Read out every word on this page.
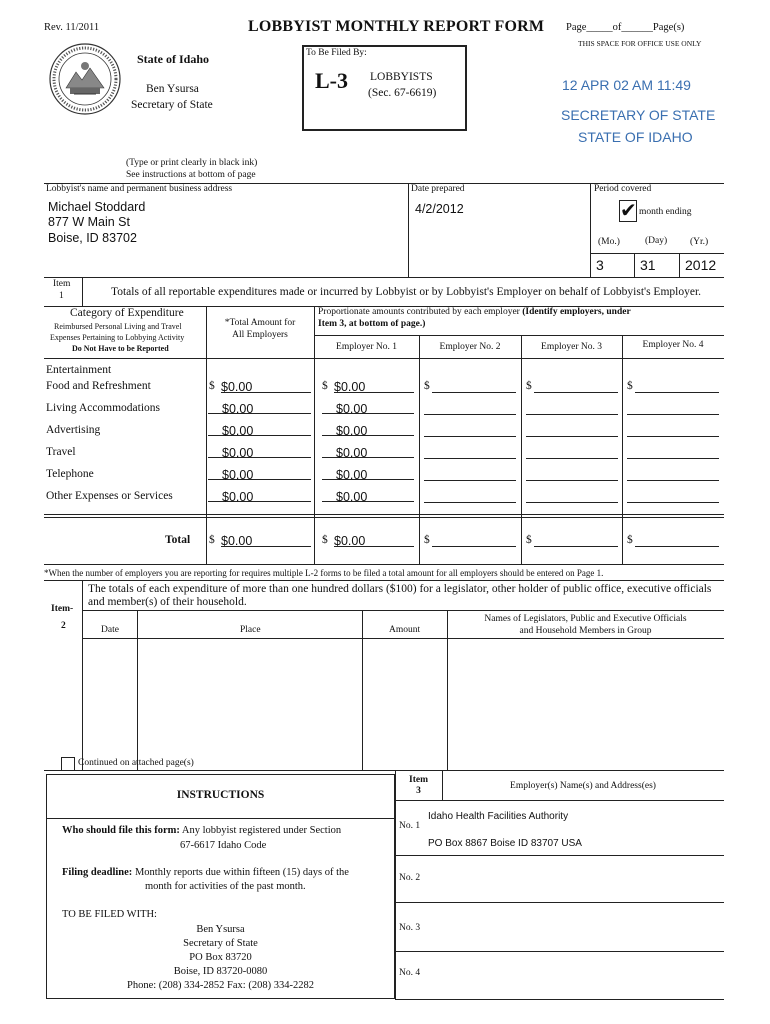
Rev. 11/2011	LOBBYIST MONTHLY REPORT FORM Page_____of______Page(s)
THIS SPACE FOR OFFICE USE ONLY
State of Idaho
Ben Ysursa
Secretary of State
To Be Filed By:
L-3 LOBBYISTS
(Sec. 67-6619)	12 APR 02 AM 11:49
SECRETARY OF STATE
STATE OF IDAHO
(Type or print clearly in black ink)
See instructions at bottom of page
Lobbyist's name and permanent business address	Date prepared	Period covered
Michael Stoddard
877 W Main St
Boise, ID 83702
4/2/2012	✔ month ending
(Mo.)	(Day) (Yr.)
3	31 2012
Item
1	Totals of all reportable expenditures made or incurred by Lobbyist or by Lobbyist's Employer on behalf of Lobbyist's Employer.
Category of Expenditure
Reimbursed Personal Living and Travel
Expenses Pertaining to Lobbying Activity
Do Not Have to be Reported
*Total Amount for
All Employers
Proportionate amounts contributed by each employer (Identify employers, under
Item 3, at bottom of page.)
Employer No. 1	Employer No. 2	Employer No. 3	Employer No. 4
Entertainment
Food and Refreshment	$ $0.00	$ $0.00	$	$	$
Living Accommodations	$0.00	$0.00
Advertising	$0.00	$0.00
Travel	$0.00	$0.00
Telephone	$0.00	$0.00
Other Expenses or Services	$0.00	$0.00
Total $ $0.00	$ $0.00	$	$	$
*When the number of employers you are reporting for requires multiple L-2 forms to be filed a total amount for all employers should be entered on Page 1.
Item-
2
The totals of each expenditure of more than one hundred dollars ($100) for a legislator, other holder of public office, executive officials and member(s) of their household.
Date	Place	Amount
Names of Legislators, Public and Executive Officials
and Household Members in Group
Continued on attached page(s)
INSTRUCTIONS
Who should file this form: Any lobbyist registered under Section
67-6617 Idaho Code
Filing deadline: Monthly reports due within fifteen (15) days of the
month for activities of the past month.
TO BE FILED WITH:
Ben Ysursa
Secretary of State
PO Box 83720
Boise, ID 83720-0080
Phone: (208) 334-2852 Fax: (208) 334-2282
Item
3	Employer(s) Name(s) and Address(es)
No. 1
Idaho Health Facilities Authority
PO Box 8867 Boise ID 83707 USA
No. 2
No. 3
No. 4
